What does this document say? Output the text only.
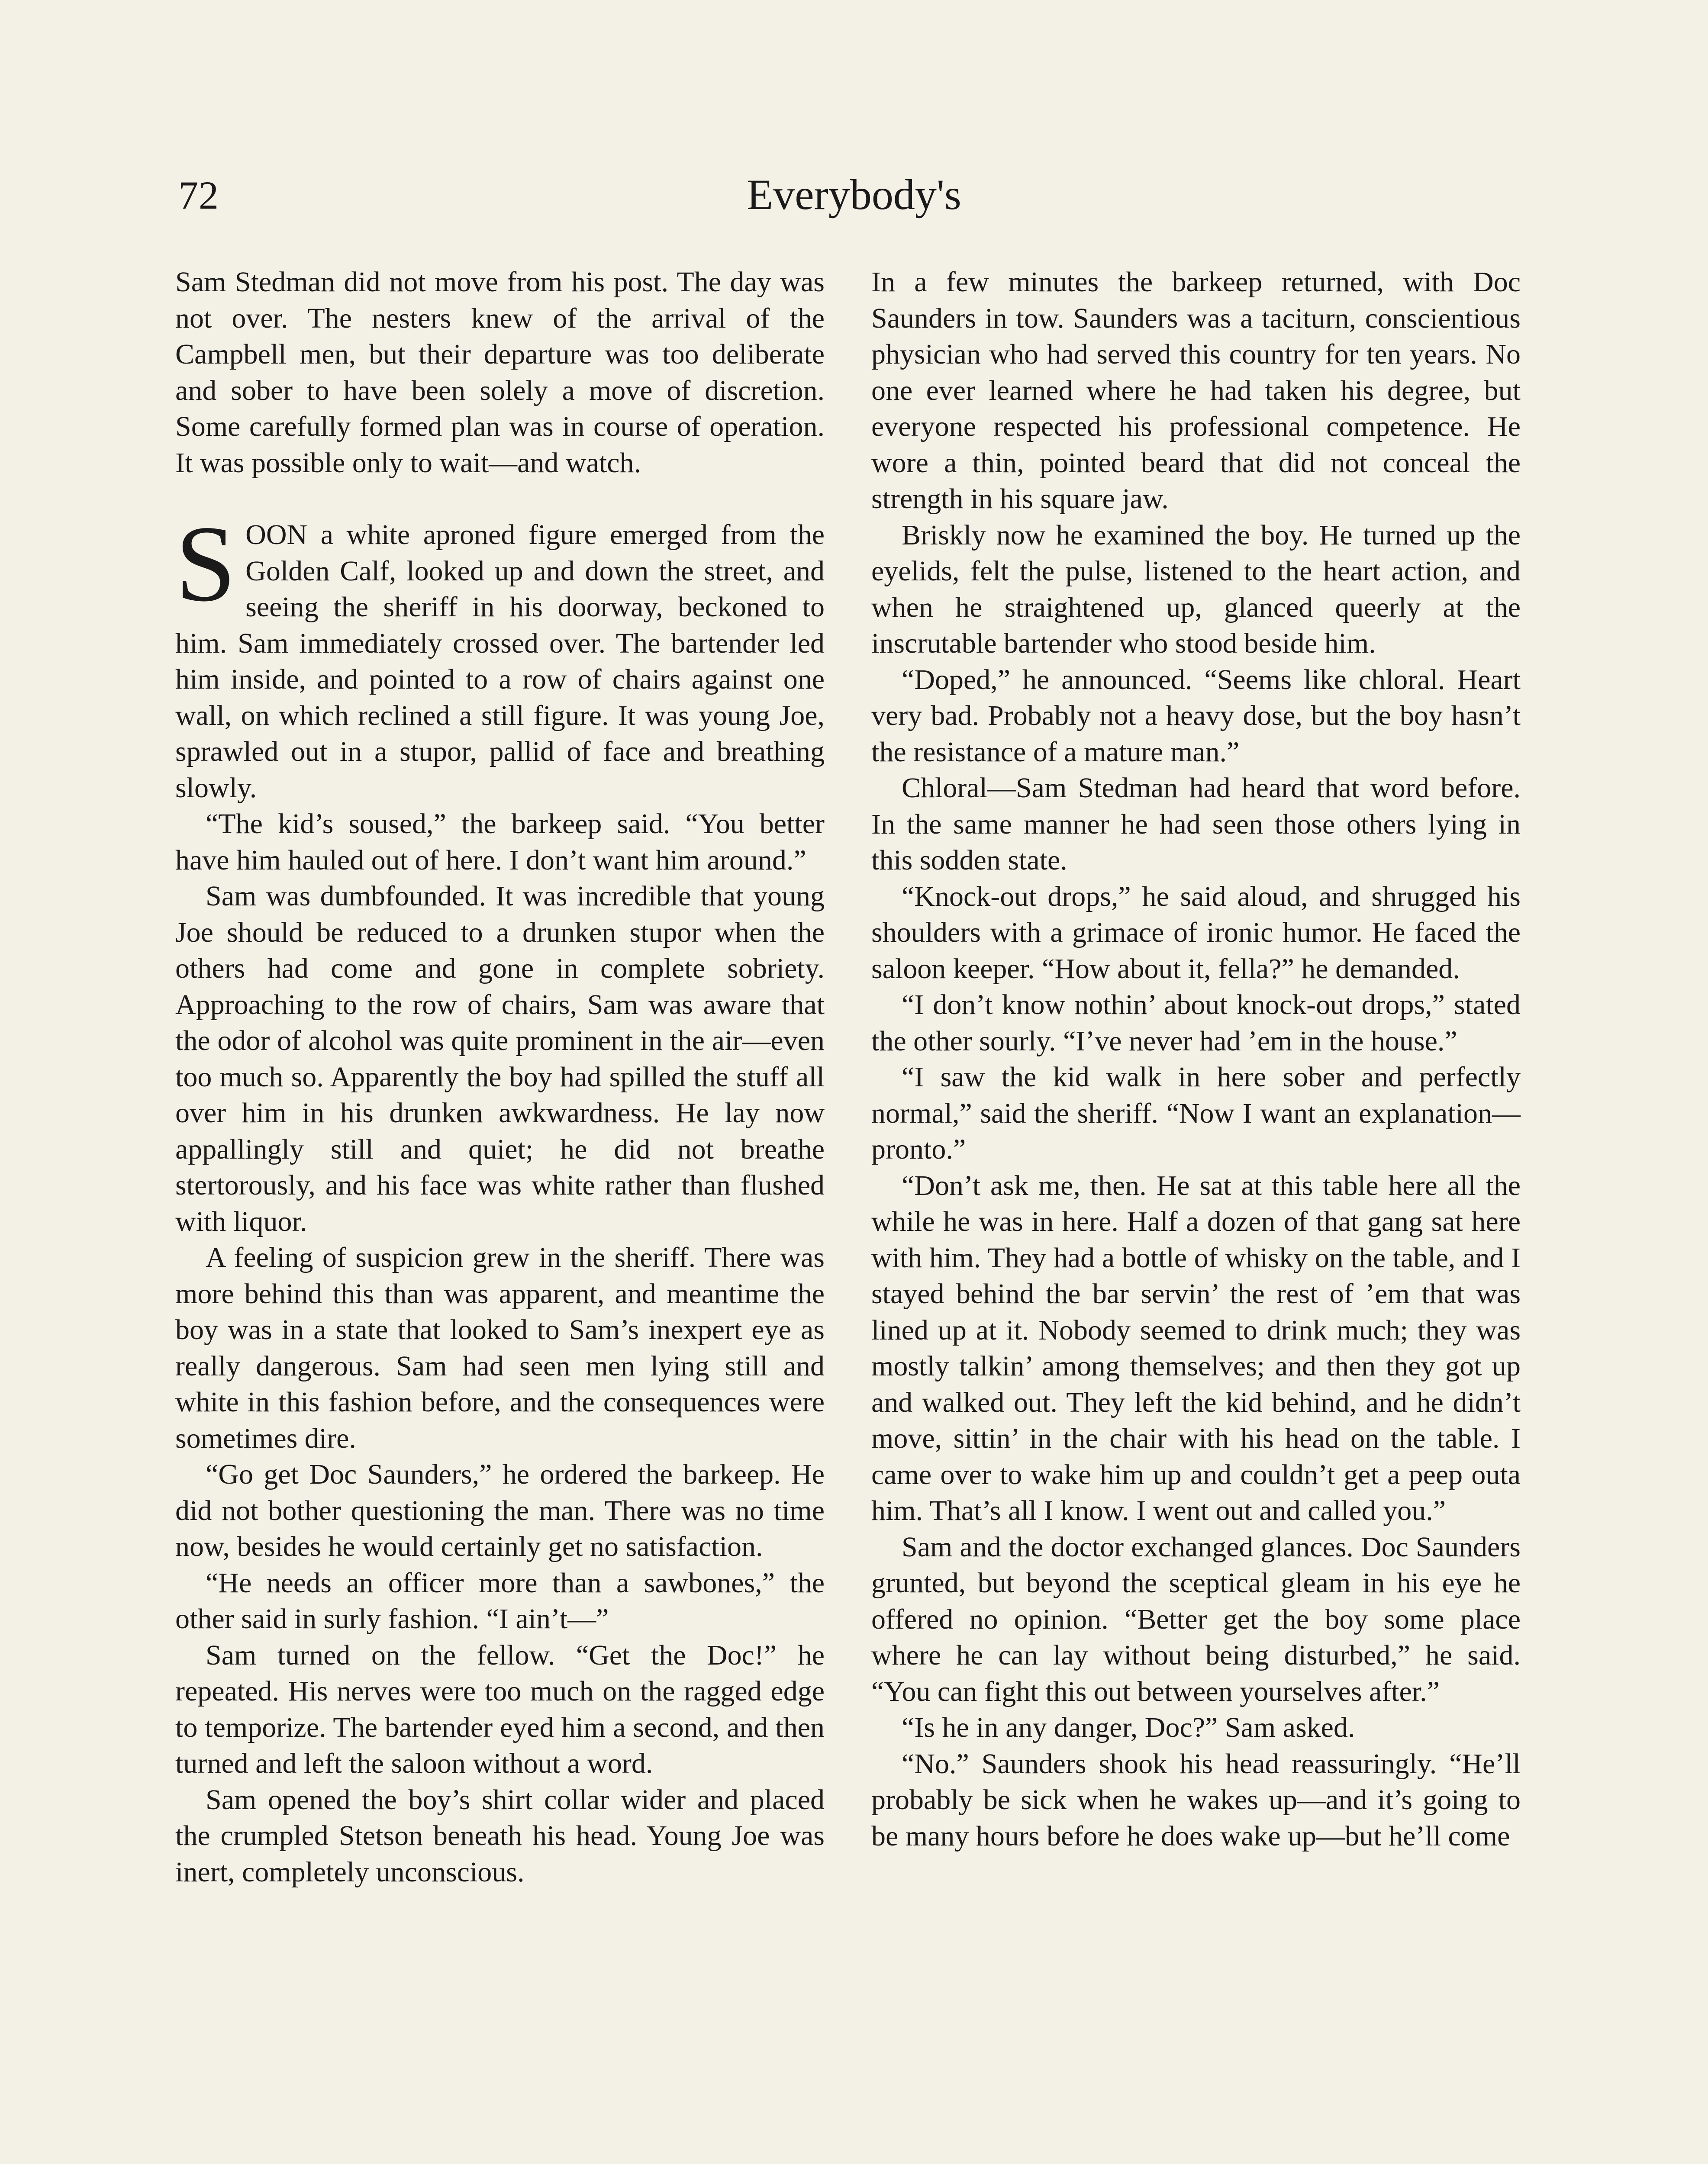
72	Everybody's

Sam Stedman did not move from his post. The day was not over. The nesters knew of the arrival of the Campbell men, but their departure was too deliberate and sober to have been solely a move of discretion. Some carefully formed plan was in course of operation. It was possible only to wait—and watch.

SOON a white aproned figure emerged from the Golden Calf, looked up and down the street, and seeing the sheriff in his doorway, beckoned to him. Sam immediately crossed over. The bartender led him inside, and pointed to a row of chairs against one wall, on which reclined a still figure. It was young Joe, sprawled out in a stupor, pallid of face and breathing slowly.

“The kid’s soused,” the barkeep said. “You better have him hauled out of here. I don’t want him around.”

Sam was dumbfounded. It was incredible that young Joe should be reduced to a drunken stupor when the others had come and gone in complete sobriety. Approaching to the row of chairs, Sam was aware that the odor of alcohol was quite prominent in the air—even too much so. Apparently the boy had spilled the stuff all over him in his drunken awkwardness. He lay now appallingly still and quiet; he did not breathe stertorously, and his face was white rather than flushed with liquor.

A feeling of suspicion grew in the sheriff. There was more behind this than was apparent, and meantime the boy was in a state that looked to Sam’s inexpert eye as really dangerous. Sam had seen men lying still and white in this fashion before, and the consequences were sometimes dire.

“Go get Doc Saunders,” he ordered the barkeep. He did not bother questioning the man. There was no time now, besides he would certainly get no satisfaction.

“He needs an officer more than a sawbones,” the other said in surly fashion. “I ain’t—”

Sam turned on the fellow. “Get the Doc!” he repeated. His nerves were too much on the ragged edge to temporize. The bartender eyed him a second, and then turned and left the saloon without a word.

Sam opened the boy’s shirt collar wider and placed the crumpled Stetson beneath his head. Young Joe was inert, completely unconscious.

In a few minutes the barkeep returned, with Doc Saunders in tow. Saunders was a taciturn, conscientious physician who had served this country for ten years. No one ever learned where he had taken his degree, but everyone respected his professional competence. He wore a thin, pointed beard that did not conceal the strength in his square jaw.

Briskly now he examined the boy. He turned up the eyelids, felt the pulse, listened to the heart action, and when he straightened up, glanced queerly at the inscrutable bartender who stood beside him.

“Doped,” he announced. “Seems like chloral. Heart very bad. Probably not a heavy dose, but the boy hasn’t the resistance of a mature man.”

Chloral—Sam Stedman had heard that word before. In the same manner he had seen those others lying in this sodden state.

“Knock-out drops,” he said aloud, and shrugged his shoulders with a grimace of ironic humor. He faced the saloon keeper. “How about it, fella?” he demanded.

“I don’t know nothin’ about knock-out drops,” stated the other sourly. “I’ve never had ’em in the house.”

“I saw the kid walk in here sober and perfectly normal,” said the sheriff. “Now I want an explanation—pronto.”

“Don’t ask me, then. He sat at this table here all the while he was in here. Half a dozen of that gang sat here with him. They had a bottle of whisky on the table, and I stayed behind the bar servin’ the rest of ’em that was lined up at it. Nobody seemed to drink much; they was mostly talkin’ among themselves; and then they got up and walked out. They left the kid behind, and he didn’t move, sittin’ in the chair with his head on the table. I came over to wake him up and couldn’t get a peep outa him. That’s all I know. I went out and called you.”

Sam and the doctor exchanged glances. Doc Saunders grunted, but beyond the sceptical gleam in his eye he offered no opinion. “Better get the boy some place where he can lay without being disturbed,” he said. “You can fight this out between yourselves after.”

“Is he in any danger, Doc?” Sam asked.

“No.” Saunders shook his head reassuringly. “He’ll probably be sick when he wakes up—and it’s going to be many hours before he does wake up—but he’ll come
